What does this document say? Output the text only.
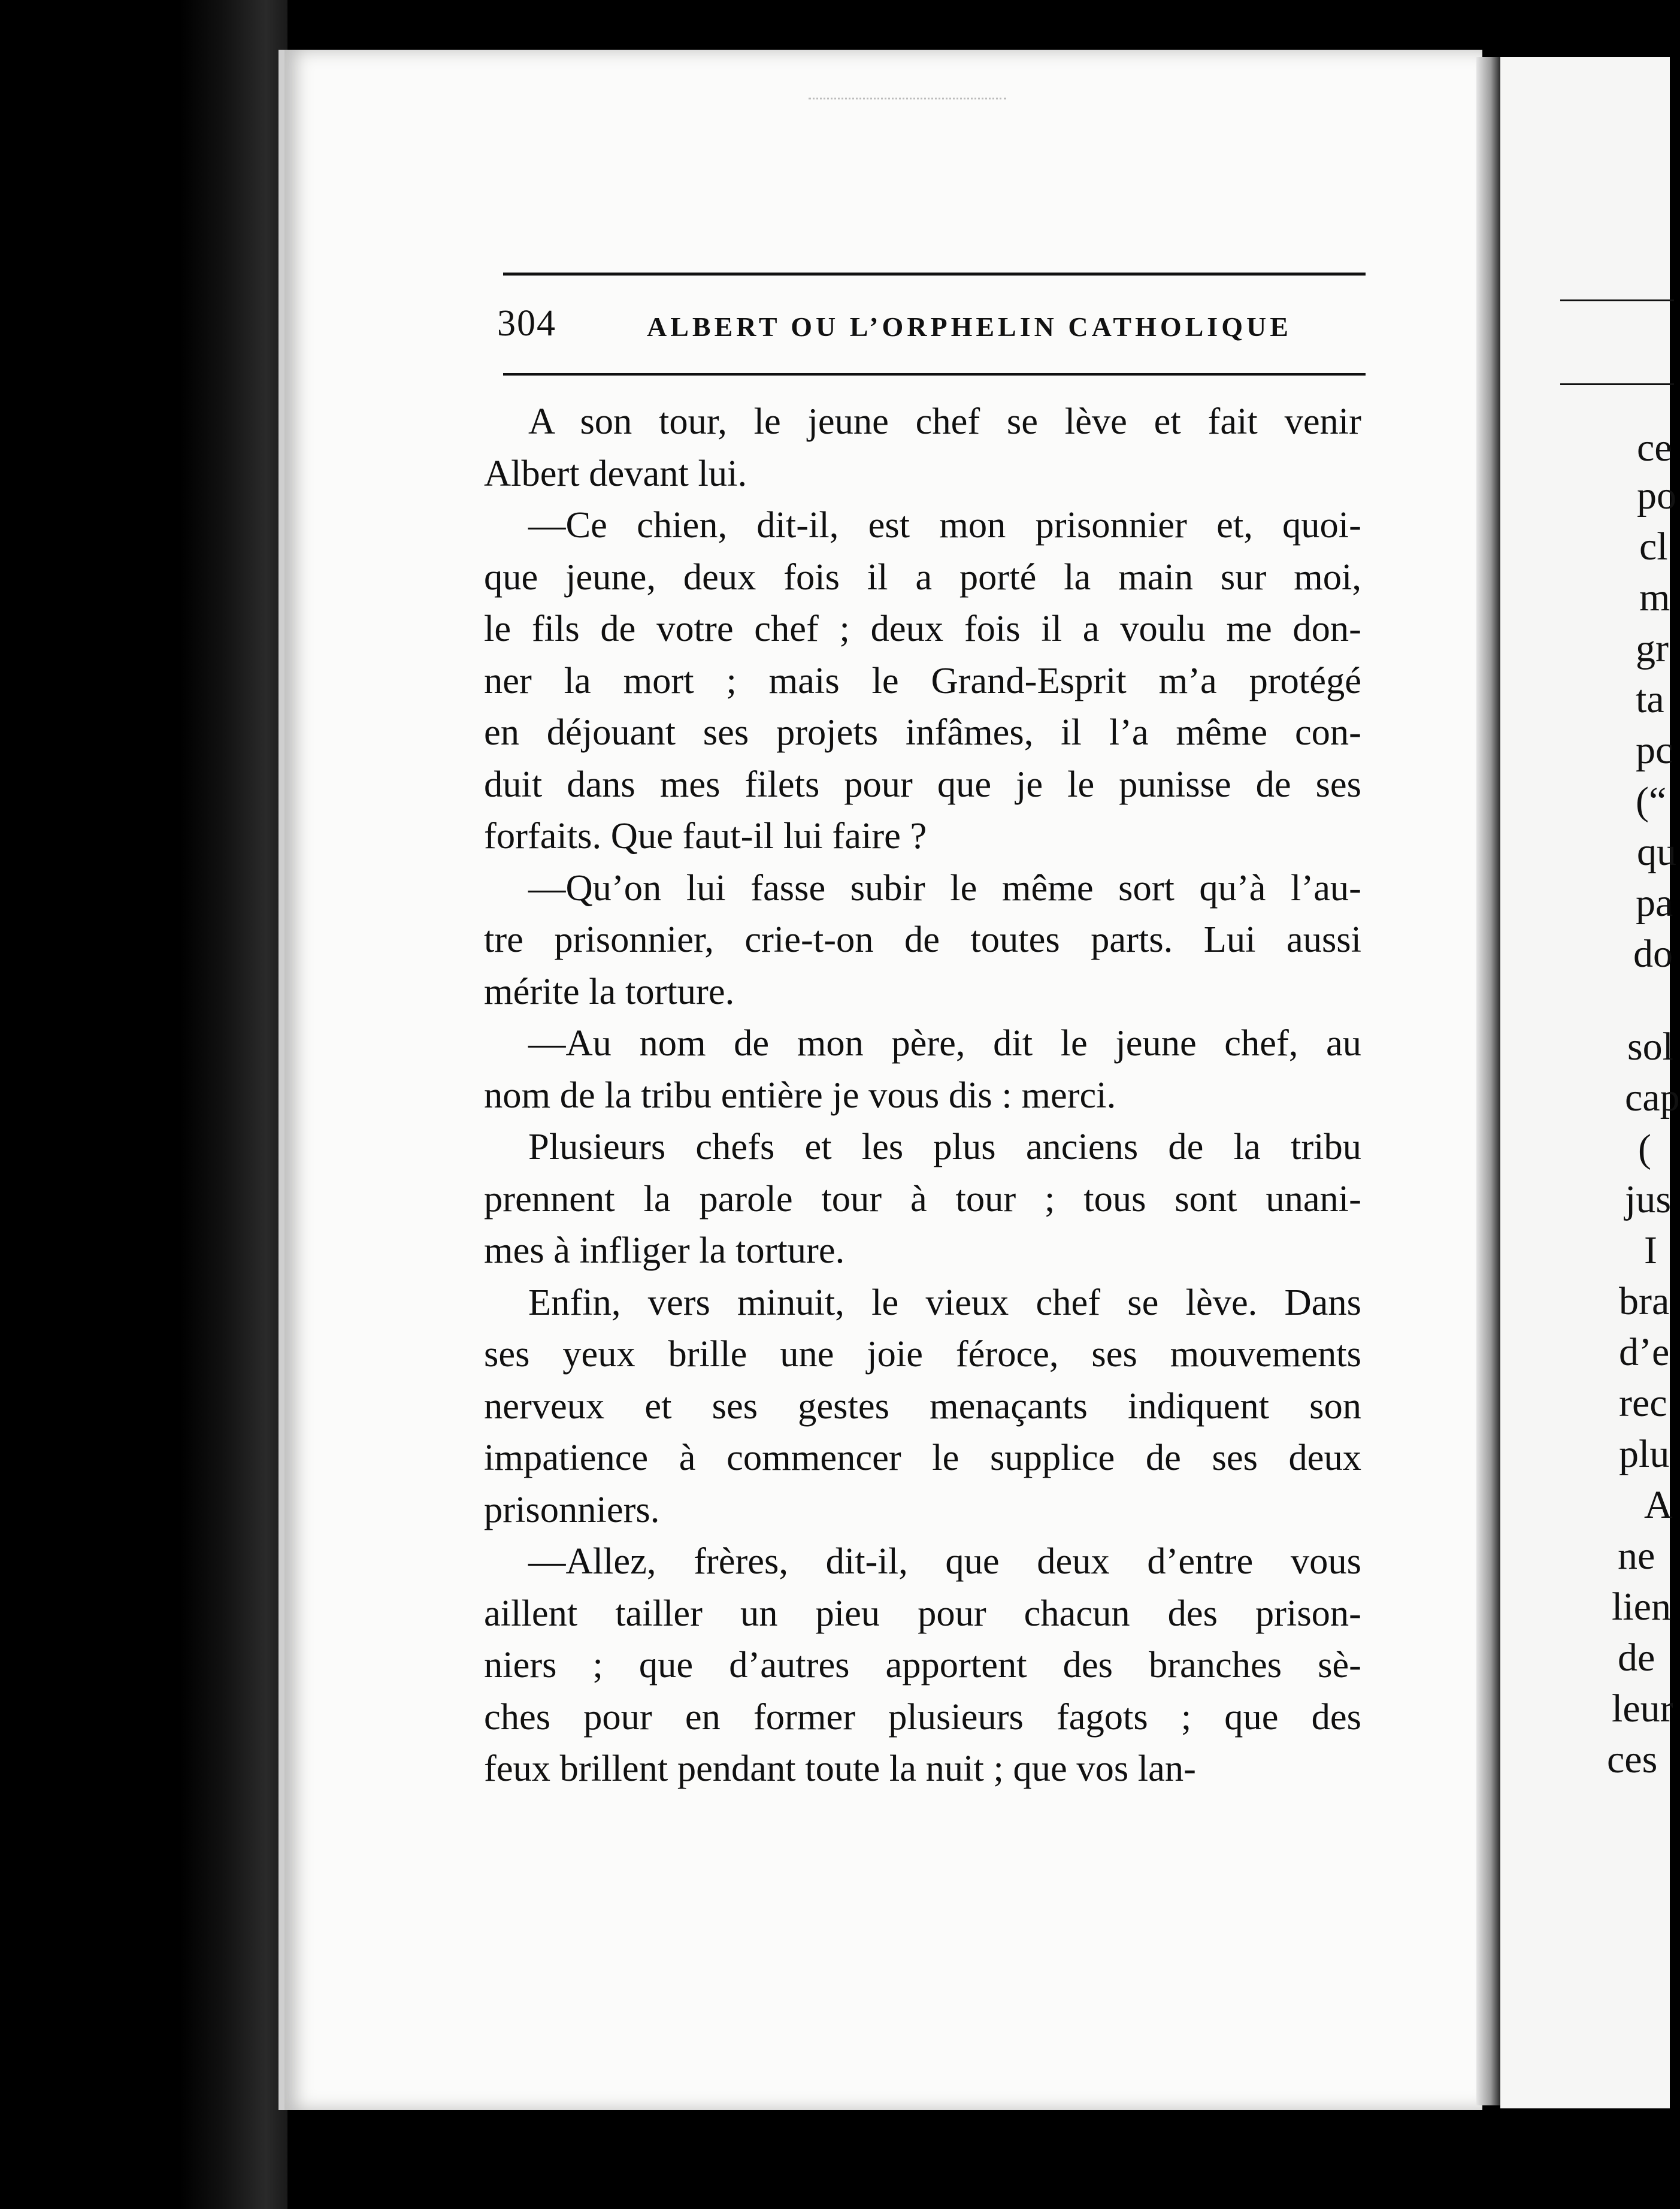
ce
po
cl
m
gr
ta
pc
(“
qu
pa
do
sol
cap
(
jus
I
bra
d’e
rec
plu
A
ne
lien
de
leur
ces
304	ALBERT OU L’ORPHELIN CATHOLIQUE
A son tour, le jeune chef se lève et fait venir
Albert devant lui.
—Ce chien, dit-il, est mon prisonnier et, quoi-
que jeune, deux fois il a porté la main sur moi,
le fils de votre chef ; deux fois il a voulu me don-
ner la mort ; mais le Grand-Esprit m’a protégé
en déjouant ses projets infâmes, il l’a même con-
duit dans mes filets pour que je le punisse de ses
forfaits. Que faut-il lui faire ?
—Qu’on lui fasse subir le même sort qu’à l’au-
tre prisonnier, crie-t-on de toutes parts. Lui aussi
mérite la torture.
—Au nom de mon père, dit le jeune chef, au
nom de la tribu entière je vous dis : merci.
Plusieurs chefs et les plus anciens de la tribu
prennent la parole tour à tour ; tous sont unani-
mes à infliger la torture.
Enfin, vers minuit, le vieux chef se lève. Dans
ses yeux brille une joie féroce, ses mouvements
nerveux et ses gestes menaçants indiquent son
impatience à commencer le supplice de ses deux
prisonniers.
—Allez, frères, dit-il, que deux d’entre vous
aillent tailler un pieu pour chacun des prison-
niers ; que d’autres apportent des branches sè-
ches pour en former plusieurs fagots ; que des
feux brillent pendant toute la nuit ; que vos lan-
